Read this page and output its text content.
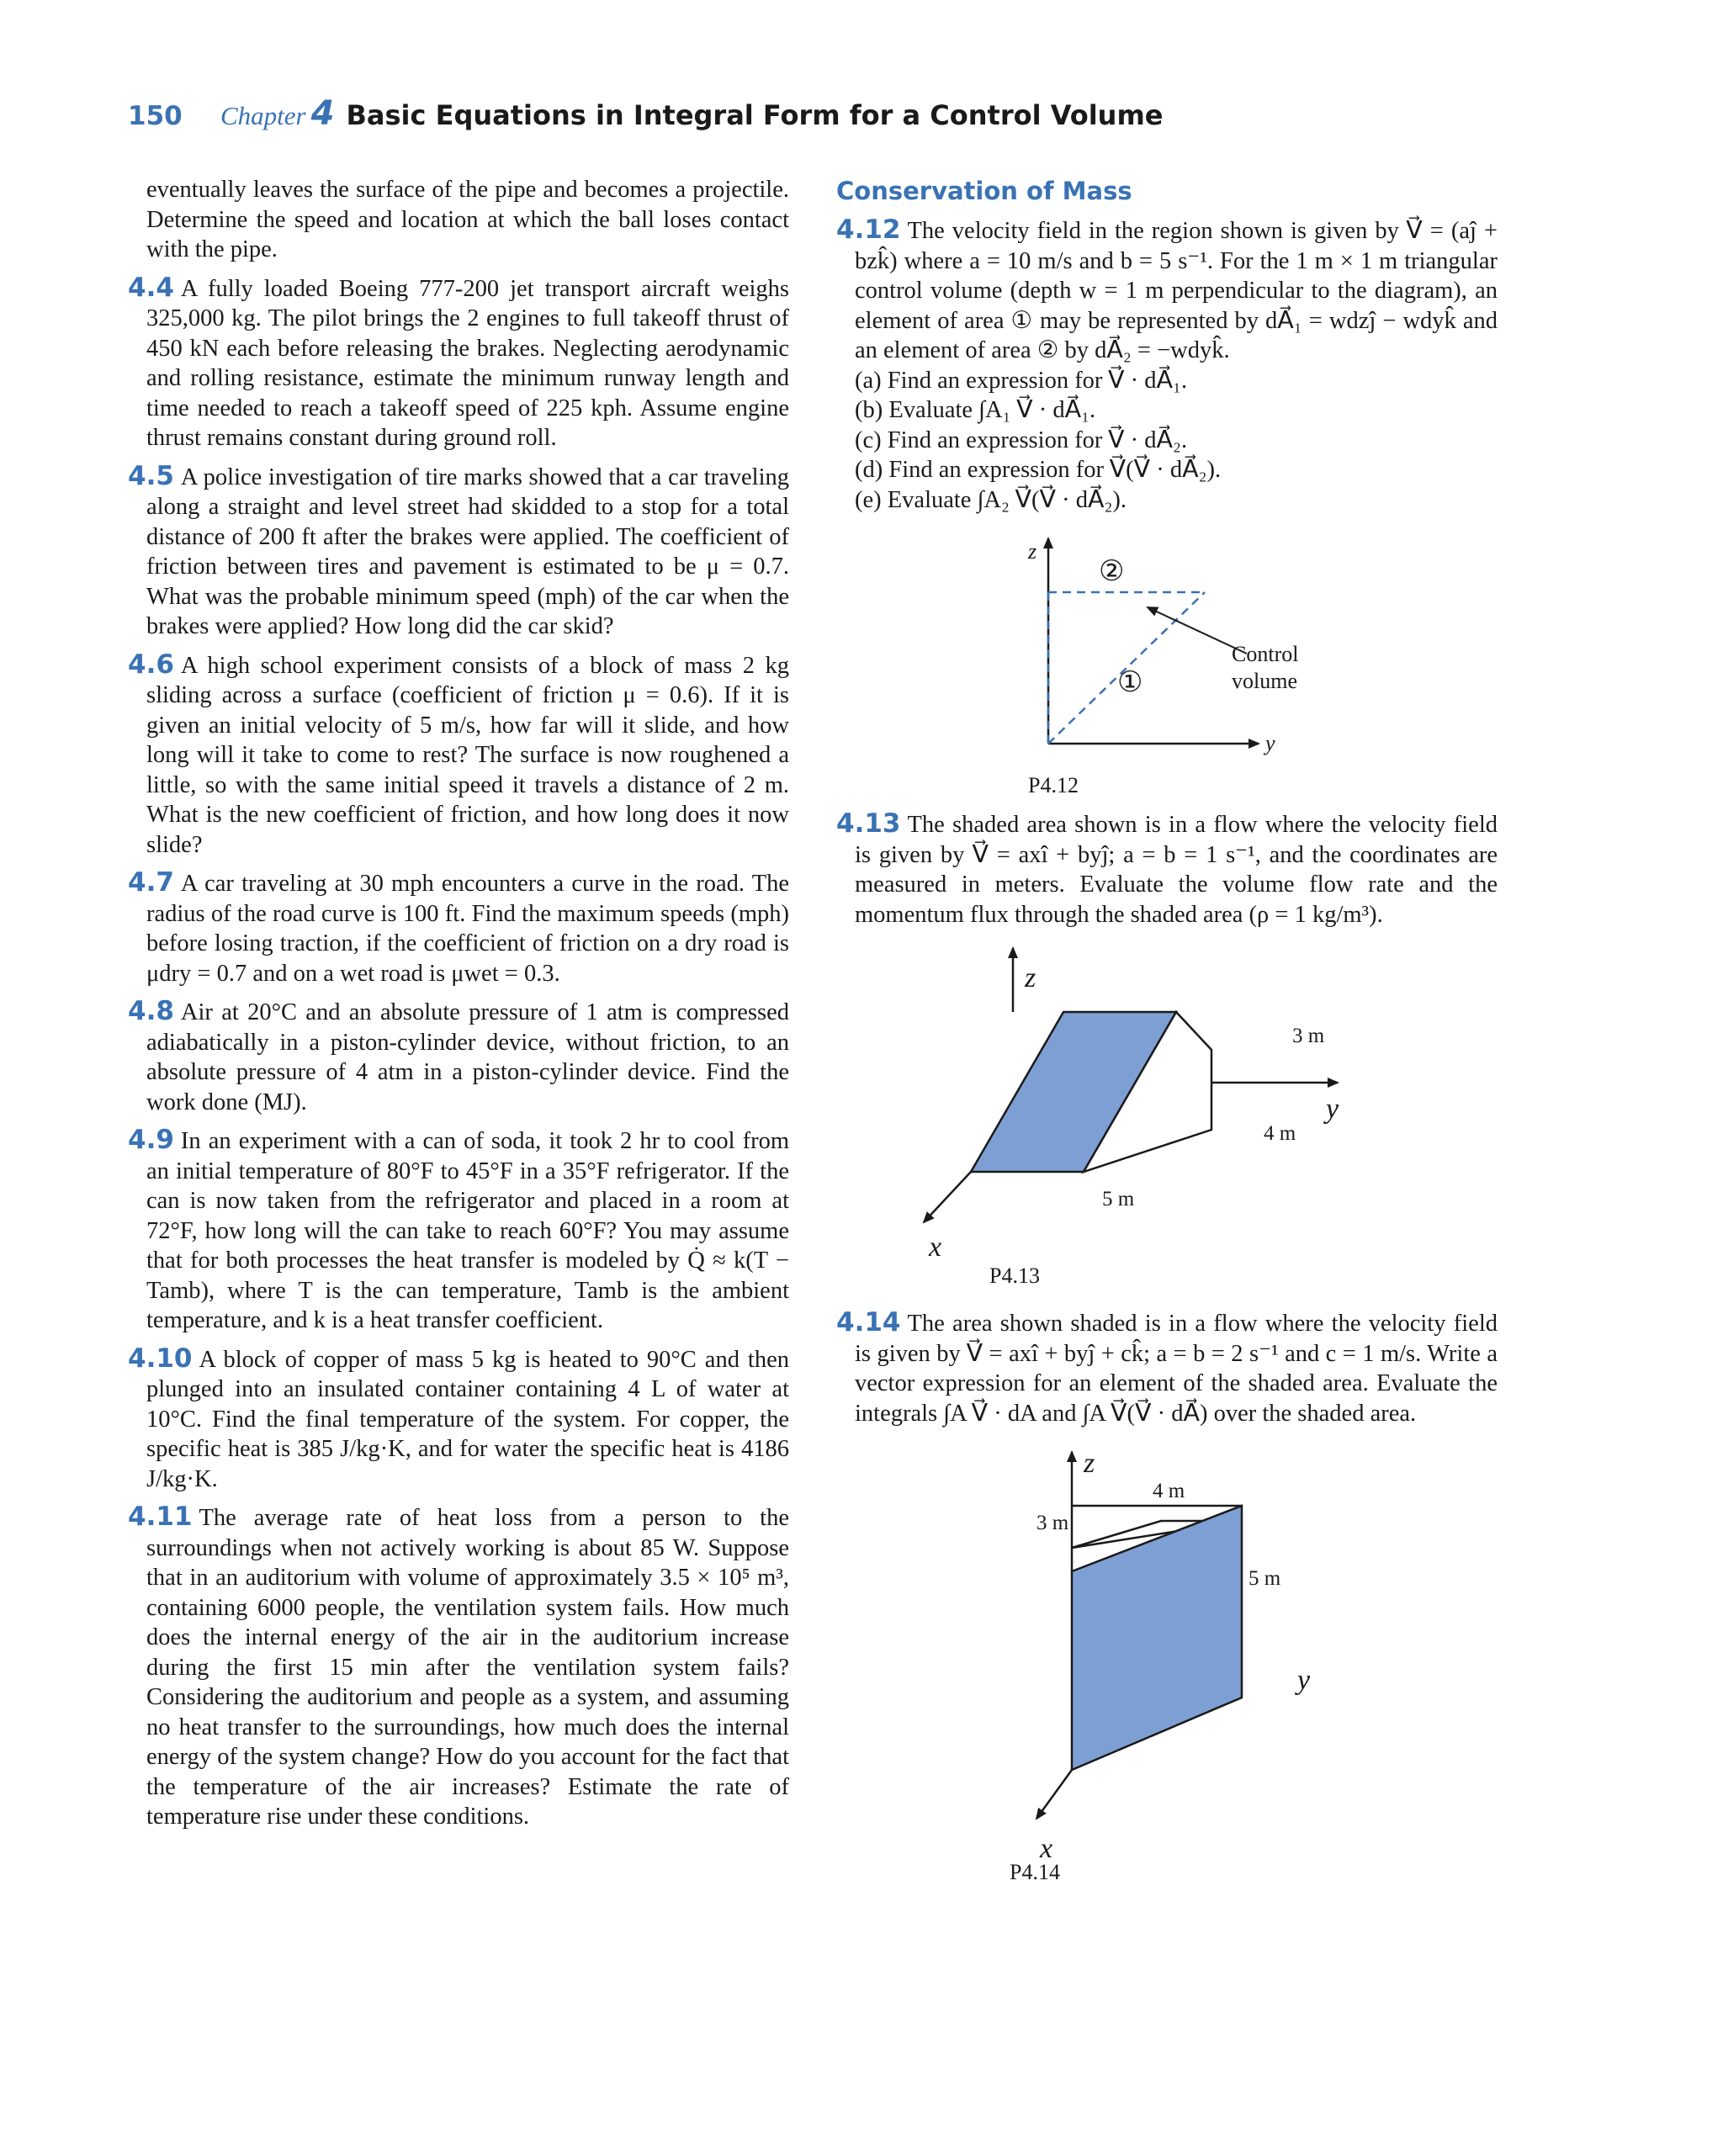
150	Chapter 4 Basic Equations in Integral Form for a Control Volume

eventually leaves the surface of the pipe and becomes a projectile. Determine the speed and location at which the ball loses contact with the pipe.

4.4 A fully loaded Boeing 777-200 jet transport aircraft weighs 325,000 kg. The pilot brings the 2 engines to full takeoff thrust of 450 kN each before releasing the brakes. Neglecting aerodynamic and rolling resistance, estimate the minimum runway length and time needed to reach a takeoff speed of 225 kph. Assume engine thrust remains constant during ground roll.

4.5 A police investigation of tire marks showed that a car traveling along a straight and level street had skidded to a stop for a total distance of 200 ft after the brakes were applied. The coefficient of friction between tires and pavement is estimated to be μ = 0.7. What was the probable minimum speed (mph) of the car when the brakes were applied? How long did the car skid?

4.6 A high school experiment consists of a block of mass 2 kg sliding across a surface (coefficient of friction μ = 0.6). If it is given an initial velocity of 5 m/s, how far will it slide, and how long will it take to come to rest? The surface is now roughened a little, so with the same initial speed it travels a distance of 2 m. What is the new coefficient of friction, and how long does it now slide?

4.7 A car traveling at 30 mph encounters a curve in the road. The radius of the road curve is 100 ft. Find the maximum speeds (mph) before losing traction, if the coefficient of friction on a dry road is μdry = 0.7 and on a wet road is μwet = 0.3.

4.8 Air at 20°C and an absolute pressure of 1 atm is compressed adiabatically in a piston-cylinder device, without friction, to an absolute pressure of 4 atm in a piston-cylinder device. Find the work done (MJ).

4.9 In an experiment with a can of soda, it took 2 hr to cool from an initial temperature of 80°F to 45°F in a 35°F refrigerator. If the can is now taken from the refrigerator and placed in a room at 72°F, how long will the can take to reach 60°F? You may assume that for both processes the heat transfer is modeled by Q̇ ≈ k(T − Tamb), where T is the can temperature, Tamb is the ambient temperature, and k is a heat transfer coefficient.

4.10 A block of copper of mass 5 kg is heated to 90°C and then plunged into an insulated container containing 4 L of water at 10°C. Find the final temperature of the system. For copper, the specific heat is 385 J/kg·K, and for water the specific heat is 4186 J/kg·K.

4.11 The average rate of heat loss from a person to the surroundings when not actively working is about 85 W. Suppose that in an auditorium with volume of approximately 3.5 × 10⁵ m³, containing 6000 people, the ventilation system fails. How much does the internal energy of the air in the auditorium increase during the first 15 min after the ventilation system fails? Considering the auditorium and people as a system, and assuming no heat transfer to the surroundings, how much does the internal energy of the system change? How do you account for the fact that the temperature of the air increases? Estimate the rate of temperature rise under these conditions.

Conservation of Mass
4.12 The velocity field in the region shown is given by V⃗ = (aĵ + bzk̂) where a = 10 m/s and b = 5 s⁻¹. For the 1 m × 1 m triangular control volume (depth w = 1 m perpendicular to the diagram), an element of area ① may be represented by dA⃗₁ = wdzĵ − wdyk̂ and an element of area ② by dA⃗₂ = −wdyk̂.
(a) Find an expression for V⃗ · dA⃗₁.
(b) Evaluate ∫A₁ V⃗ · dA⃗₁.
(c) Find an expression for V⃗ · dA⃗₂.
(d) Find an expression for V⃗(V⃗ · dA⃗₂).
(e) Evaluate ∫A₂ V⃗(V⃗ · dA⃗₂).
z
y
②
①
Control
volume
P4.12
4.13 The shaded area shown is in a flow where the velocity field is given by V⃗ = axî + byĵ; a = b = 1 s⁻¹, and the coordinates are measured in meters. Evaluate the volume flow rate and the momentum flux through the shaded area (ρ = 1 kg/m³).
z
y
x
3 m
4 m
5 m
P4.13
4.14 The area shown shaded is in a flow where the velocity field is given by V⃗ = axî + byĵ + ck̂; a = b = 2 s⁻¹ and c = 1 m/s. Write a vector expression for an element of the shaded area. Evaluate the integrals ∫A V⃗ · dA and ∫A V⃗(V⃗ · dA⃗) over the shaded area.
z
y
x
4 m
3 m
5 m
P4.14
